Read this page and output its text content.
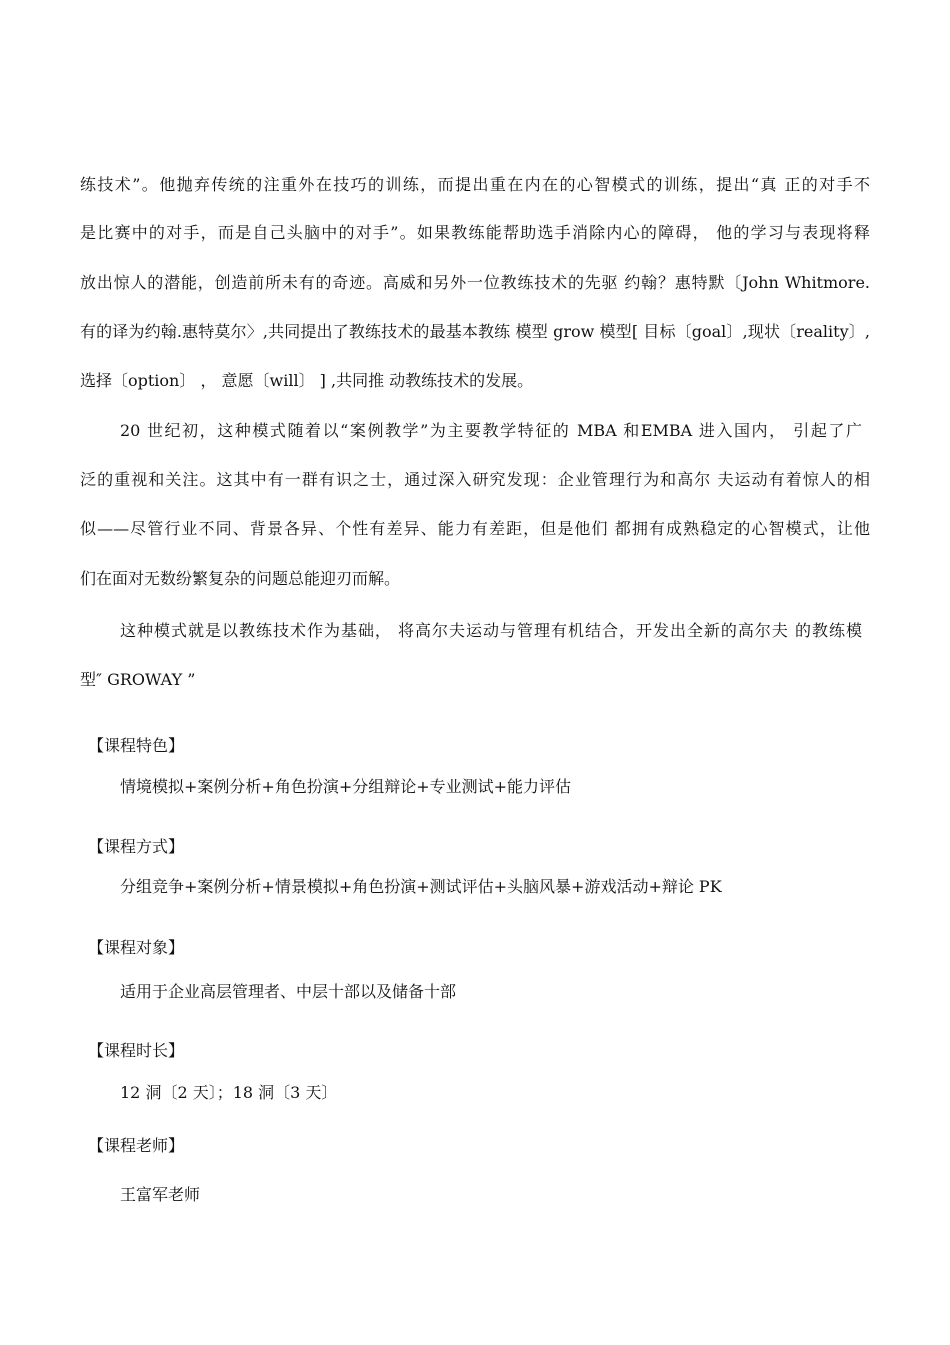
练技术”。他抛弃传统的注重外在技巧的训练，而提出重在内在的心智模式的训练，提出“真 正的对手不
是比赛中的对手，而是自己头脑中的对手”。如果教练能帮助选手消除内心的障碍， 他的学习与表现将释
放出惊人的潜能，创造前所未有的奇迹。高威和另外一位教练技术的先驱 约翰？惠特默〔John Whitmore.
有的译为约翰.惠特莫尔〉,共同提出了教练技术的最基本教练 模型 grow 模型[ 目标〔goal〕,现状〔reality〕,
选择〔option〕 ， 意愿〔will〕 ] ,共同推 动教练技术的发展。
20 世纪初，这种模式随着以“案例教学”为主要教学特征的 MBA 和EMBA 进入国内， 引起了广
泛的重视和关注。这其中有一群有识之士，通过深入研究发现：企业管理行为和高尔 夫运动有着惊人的相
似——尽管行业不同、背景各异、个性有差异、能力有差距，但是他们 都拥有成熟稳定的心智模式，让他
们在面对无数纷繁复杂的问题总能迎刃而解。
这种模式就是以教练技术作为基础， 将高尔夫运动与管理有机结合，开发出全新的高尔夫 的教练模
型″ GROWAY ”
【课程特色】
情境模拟+案例分析+角色扮演+分组辩论+专业测试+能力评估
【课程方式】
分组竞争+案例分析+情景模拟+角色扮演+测试评估+头脑风暴+游戏活动+辩论 PK
【课程对象】
适用于企业高层管理者、中层十部以及储备十部
【课程时长】
12 洞〔2 天〕；18 洞〔3 天〕
【课程老师】
王富军老师
